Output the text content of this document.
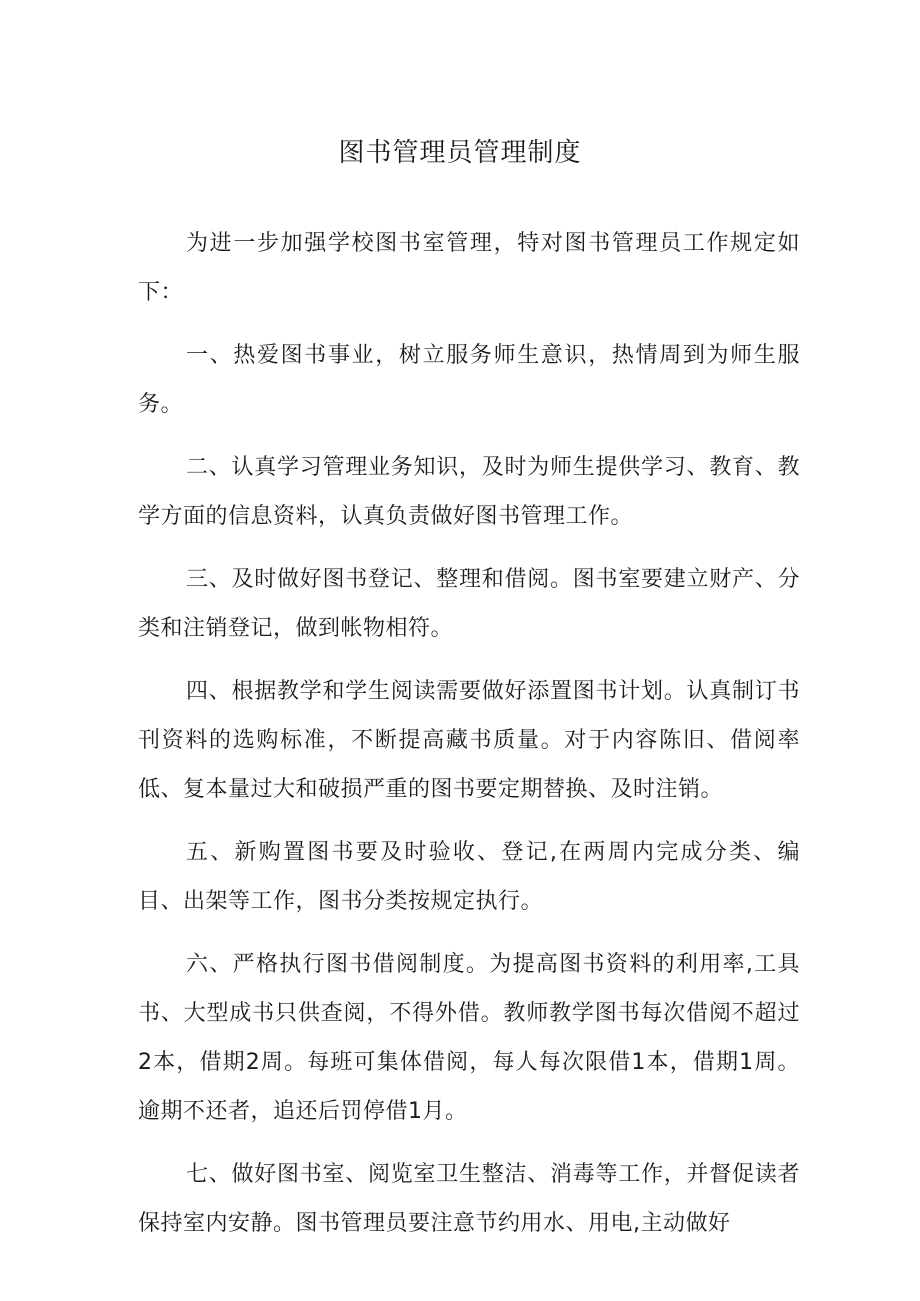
图书管理员管理制度

为进一步加强学校图书室管理，特对图书管理员工作规定如下：

一、热爱图书事业，树立服务师生意识，热情周到为师生服务。

二、认真学习管理业务知识，及时为师生提供学习、教育、教学方面的信息资料，认真负责做好图书管理工作。

三、及时做好图书登记、整理和借阅。图书室要建立财产、分类和注销登记，做到帐物相符。

四、根据教学和学生阅读需要做好添置图书计划。认真制订书刊资料的选购标准，不断提高藏书质量。对于内容陈旧、借阅率低、复本量过大和破损严重的图书要定期替换、及时注销。

五、新购置图书要及时验收、登记,在两周内完成分类、编目、出架等工作，图书分类按规定执行。

六、严格执行图书借阅制度。为提高图书资料的利用率,工具书、大型成书只供查阅，不得外借。教师教学图书每次借阅不超过2本，借期2周。每班可集体借阅，每人每次限借1本，借期1周。逾期不还者，追还后罚停借1月。

七、做好图书室、阅览室卫生整洁、消毒等工作，并督促读者保持室内安静。图书管理员要注意节约用水、用电,主动做好
